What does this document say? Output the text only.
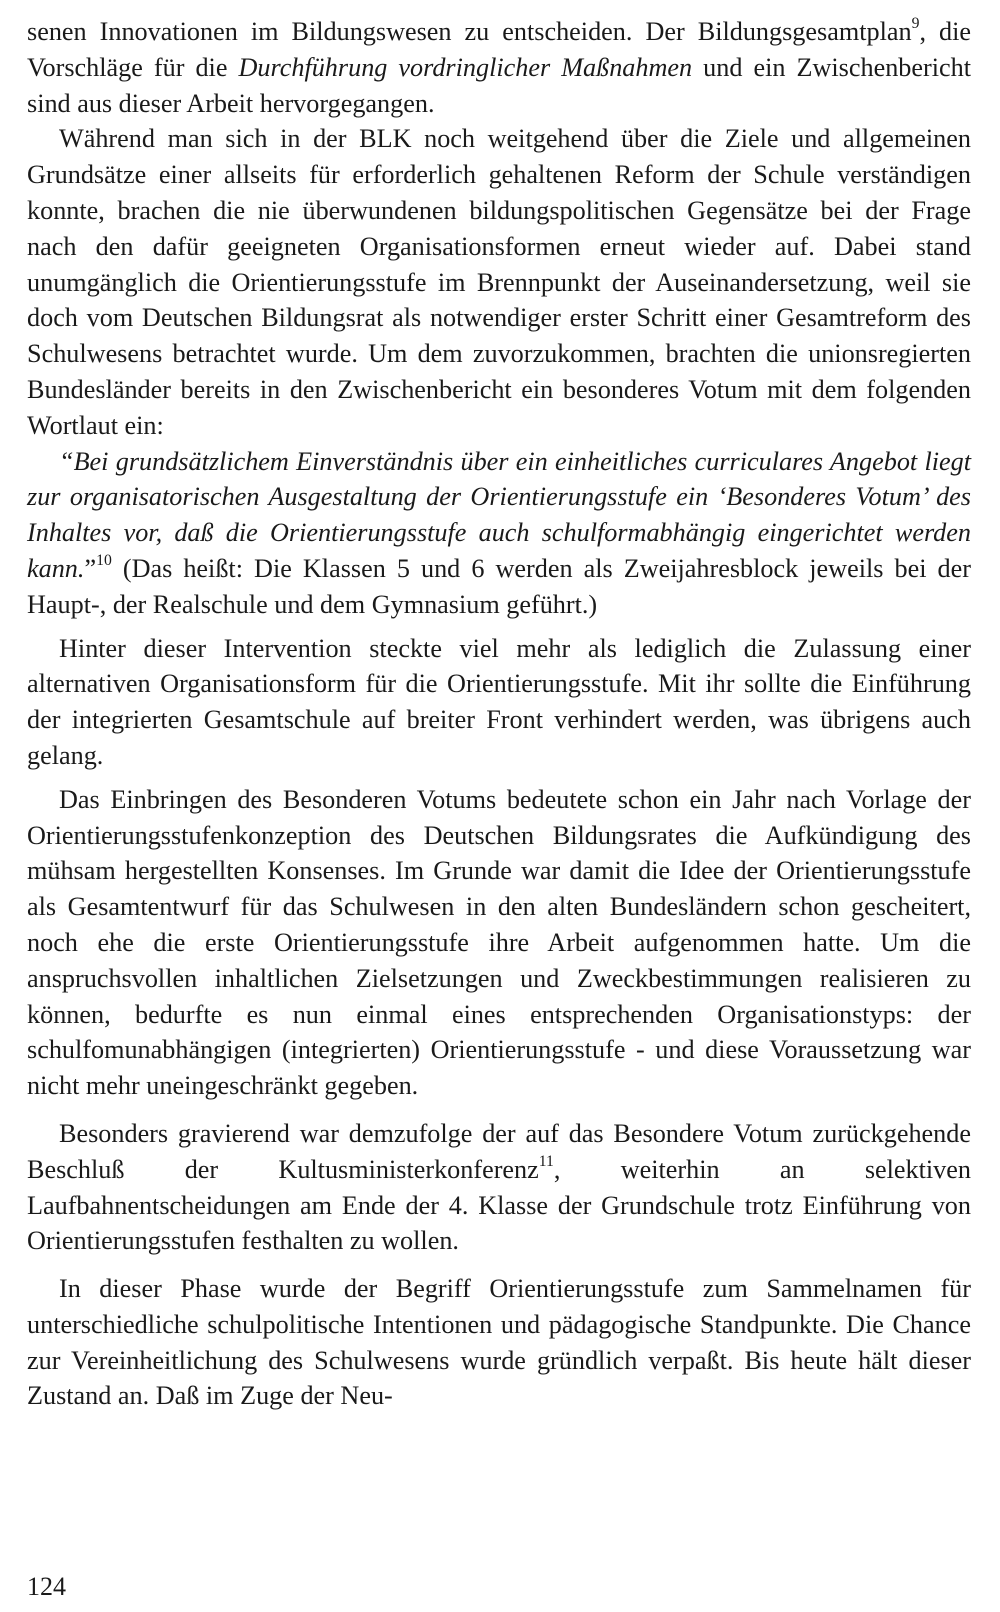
senen Innovationen im Bildungswesen zu entscheiden. Der Bildungsgesamtplan$^9$, die Vorschläge für die Durchführung vordringlicher Maßnahmen und ein Zwischenbericht sind aus dieser Arbeit hervorgegangen.

Während man sich in der BLK noch weitgehend über die Ziele und allgemeinen Grundsätze einer allseits für erforderlich gehaltenen Reform der Schule verständigen konnte, brachen die nie überwundenen bildungspolitischen Gegensätze bei der Frage nach den dafür geeigneten Organisationsformen erneut wieder auf. Dabei stand unumgänglich die Orientierungsstufe im Brennpunkt der Auseinandersetzung, weil sie doch vom Deutschen Bildungsrat als notwendiger erster Schritt einer Gesamtreform des Schulwesens betrachtet wurde. Um dem zuvorzukommen, brachten die unionsregierten Bundesländer bereits in den Zwischenbericht ein besonderes Votum mit dem folgenden Wortlaut ein:

“Bei grundsätzlichem Einverständnis über ein einheitliches curriculares Angebot liegt zur organisatorischen Ausgestaltung der Orientierungsstufe ein ‘Besonderes Votum’ des Inhaltes vor, daß die Orientierungsstufe auch schulformabhängig eingerichtet werden kann.”$^{10}$ (Das heißt: Die Klassen 5 und 6 werden als Zweijahresblock jeweils bei der Haupt-, der Realschule und dem Gymnasium geführt.)

Hinter dieser Intervention steckte viel mehr als lediglich die Zulassung einer alternativen Organisationsform für die Orientierungsstufe. Mit ihr sollte die Einführung der integrierten Gesamtschule auf breiter Front verhindert werden, was übrigens auch gelang.

Das Einbringen des Besonderen Votums bedeutete schon ein Jahr nach Vorlage der Orientierungsstufenkonzeption des Deutschen Bildungsrates die Aufkündigung des mühsam hergestellten Konsenses. Im Grunde war damit die Idee der Orientierungsstufe als Gesamtentwurf für das Schulwesen in den alten Bundesländern schon gescheitert, noch ehe die erste Orientierungsstufe ihre Arbeit aufgenommen hatte. Um die anspruchsvollen inhaltlichen Zielsetzungen und Zweckbestimmungen realisieren zu können, bedurfte es nun einmal eines entsprechenden Organisationstyps: der schulfomunabhängigen (integrierten) Orientierungsstufe - und diese Voraussetzung war nicht mehr uneingeschränkt gegeben.

Besonders gravierend war demzufolge der auf das Besondere Votum zurückgehende Beschluß der Kultusministerkonferenz$^{11}$, weiterhin an selektiven Laufbahnentscheidungen am Ende der 4. Klasse der Grundschule trotz Einführung von Orientierungsstufen festhalten zu wollen.

In dieser Phase wurde der Begriff Orientierungsstufe zum Sammelnamen für unterschiedliche schulpolitische Intentionen und pädagogische Standpunkte. Die Chance zur Vereinheitlichung des Schulwesens wurde gründlich verpaßt. Bis heute hält dieser Zustand an. Daß im Zuge der Neu-

124
